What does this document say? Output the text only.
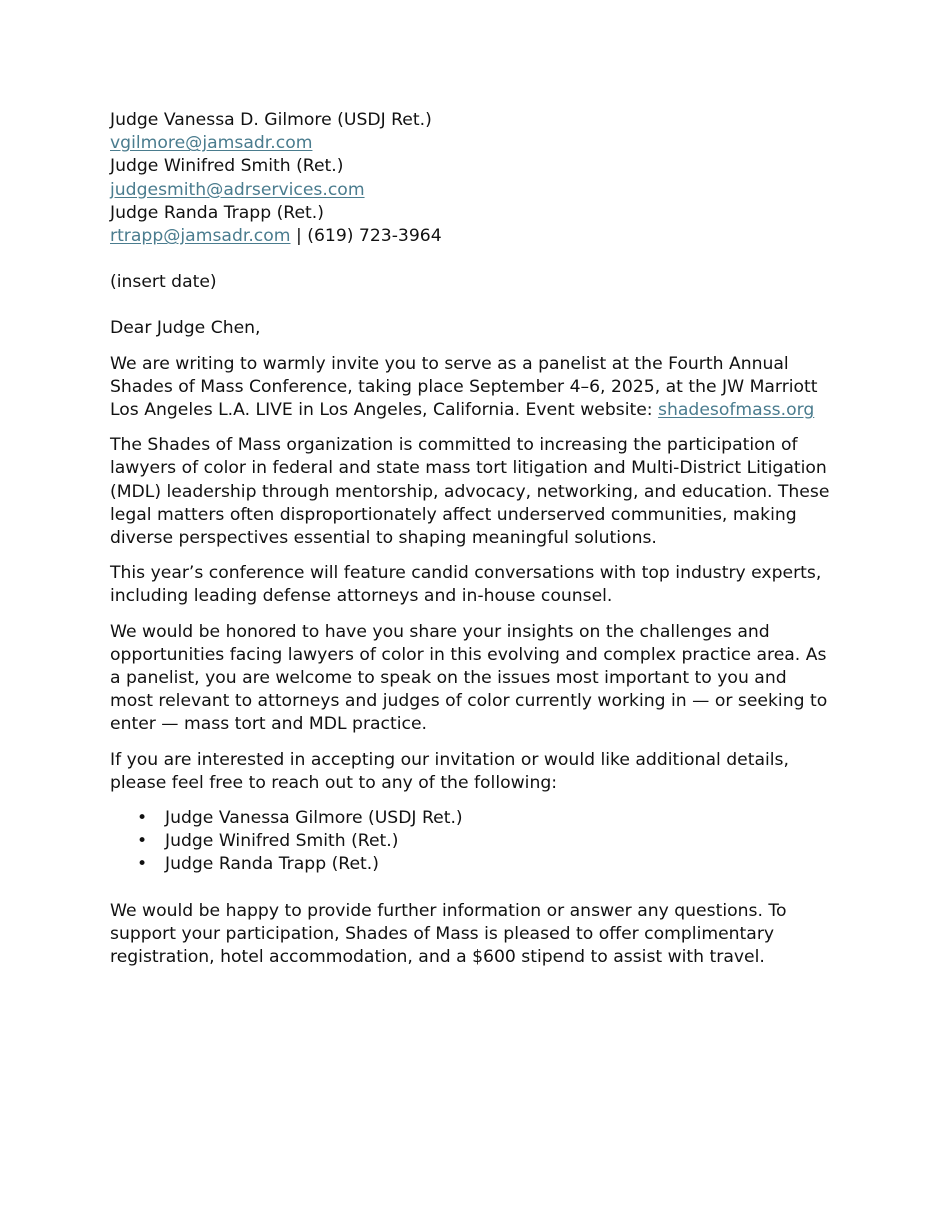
Judge Vanessa D. Gilmore (USDJ Ret.)
vgilmore@jamsadr.com
Judge Winifred Smith (Ret.)
judgesmith@adrservices.com
Judge Randa Trapp (Ret.)
rtrapp@jamsadr.com | (619) 723-3964

(insert date)

Dear Judge Chen,

We are writing to warmly invite you to serve as a panelist at the Fourth Annual Shades of Mass Conference, taking place September 4–6, 2025, at the JW Marriott Los Angeles L.A. LIVE in Los Angeles, California. Event website: shadesofmass.org

The Shades of Mass organization is committed to increasing the participation of lawyers of color in federal and state mass tort litigation and Multi-District Litigation (MDL) leadership through mentorship, advocacy, networking, and education. These legal matters often disproportionately affect underserved communities, making diverse perspectives essential to shaping meaningful solutions.

This year’s conference will feature candid conversations with top industry experts, including leading defense attorneys and in-house counsel.

We would be honored to have you share your insights on the challenges and opportunities facing lawyers of color in this evolving and complex practice area. As a panelist, you are welcome to speak on the issues most important to you and most relevant to attorneys and judges of color currently working in — or seeking to enter — mass tort and MDL practice.

If you are interested in accepting our invitation or would like additional details, please feel free to reach out to any of the following:

• Judge Vanessa Gilmore (USDJ Ret.)
• Judge Winifred Smith (Ret.)
• Judge Randa Trapp (Ret.)

We would be happy to provide further information or answer any questions. To support your participation, Shades of Mass is pleased to offer complimentary registration, hotel accommodation, and a $600 stipend to assist with travel.
